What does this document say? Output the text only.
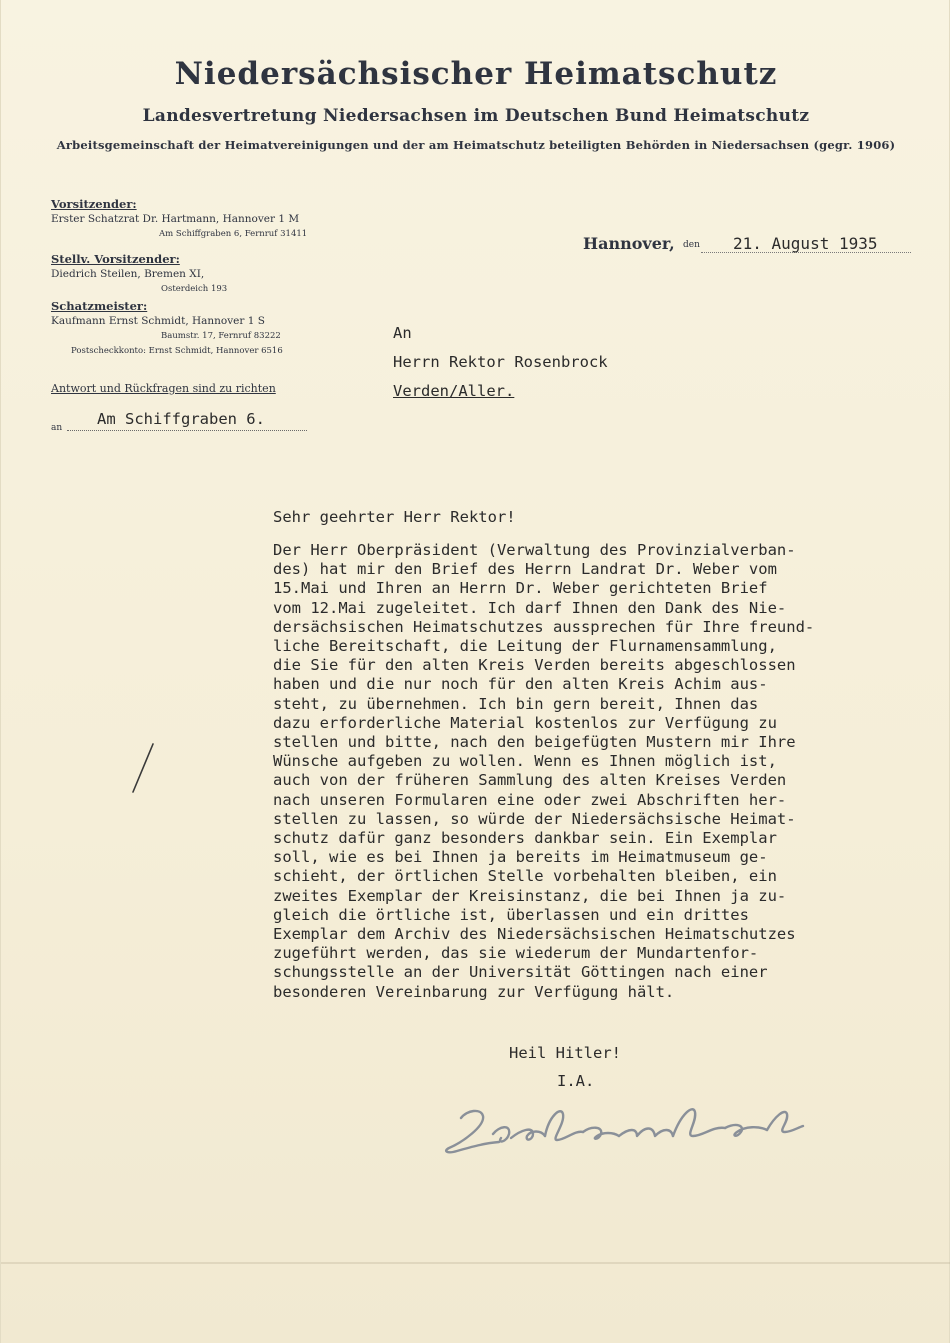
Niedersächsischer Heimatschutz
Landesvertretung Niedersachsen im Deutschen Bund Heimatschutz
Arbeitsgemeinschaft der Heimatvereinigungen und der am Heimatschutz beteiligten Behörden in Niedersachsen (gegr. 1906)
Vorsitzender:
Erster Schatzrat Dr. Hartmann, Hannover 1 M
Am Schiffgraben 6, Fernruf 31411
Stellv. Vorsitzender:
Diedrich Steilen, Bremen XI,
Osterdeich 193
Schatzmeister:
Kaufmann Ernst Schmidt, Hannover 1 S
Baumstr. 17, Fernruf 83222
Postscheckkonto: Ernst Schmidt, Hannover 6516
Antwort und Rückfragen sind zu richten
an Am Schiffgraben 6.
Hannover, den 21. August 1935
An
Herrn Rektor Rosenbrock
Verden/Aller.
Sehr geehrter Herr Rektor!
Der Herr Oberpräsident (Verwaltung des Provinzialverban-
des) hat mir den Brief des Herrn Landrat Dr. Weber vom
15.Mai und Ihren an Herrn Dr. Weber gerichteten Brief
vom 12.Mai zugeleitet. Ich darf Ihnen den Dank des Nie-
dersächsischen Heimatschutzes aussprechen für Ihre freund-
liche Bereitschaft, die Leitung der Flurnamensammlung,
die Sie für den alten Kreis Verden bereits abgeschlossen
haben und die nur noch für den alten Kreis Achim aus-
steht, zu übernehmen. Ich bin gern bereit, Ihnen das
dazu erforderliche Material kostenlos zur Verfügung zu
stellen und bitte, nach den beigefügten Mustern mir Ihre
Wünsche aufgeben zu wollen. Wenn es Ihnen möglich ist,
auch von der früheren Sammlung des alten Kreises Verden
nach unseren Formularen eine oder zwei Abschriften her-
stellen zu lassen, so würde der Niedersächsische Heimat-
schutz dafür ganz besonders dankbar sein. Ein Exemplar
soll, wie es bei Ihnen ja bereits im Heimatmuseum ge-
schieht, der örtlichen Stelle vorbehalten bleiben, ein
zweites Exemplar der Kreisinstanz, die bei Ihnen ja zu-
gleich die örtliche ist, überlassen und ein drittes
Exemplar dem Archiv des Niedersächsischen Heimatschutzes
zugeführt werden, das sie wiederum der Mundartenfor-
schungsstelle an der Universität Göttingen nach einer
besonderen Vereinbarung zur Verfügung hält.
Heil Hitler!
I.A.
